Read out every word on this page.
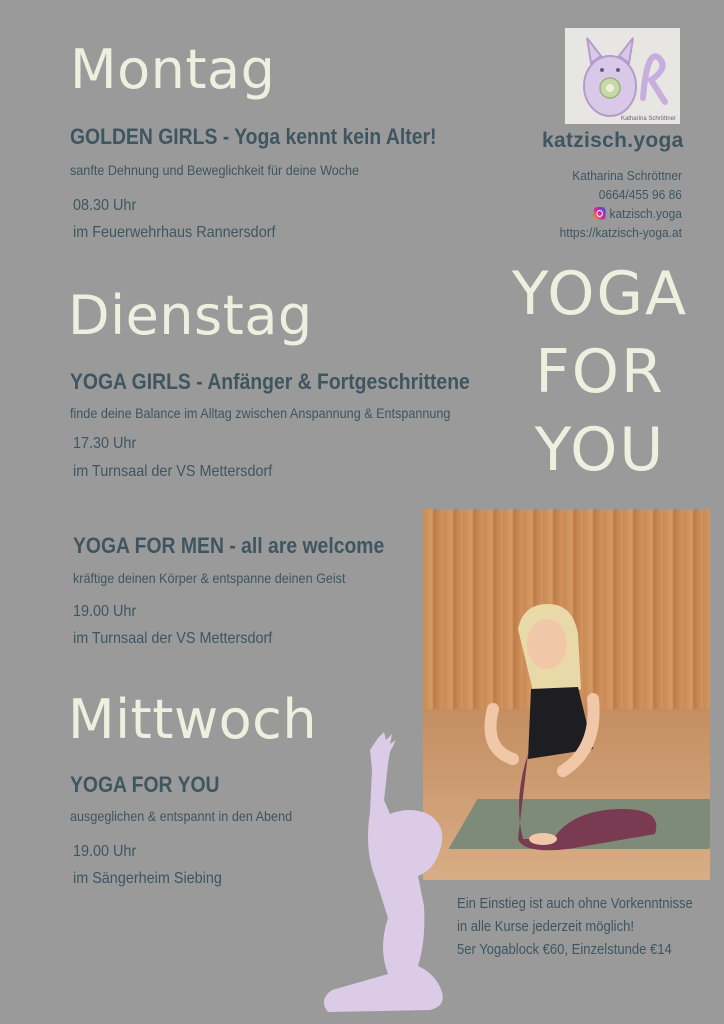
Montag
GOLDEN GIRLS - Yoga kennt kein Alter!
sanfte Dehnung und Beweglichkeit für deine Woche
08.30 Uhr
im Feuerwehrhaus Rannersdorf
Katharina Schröttner
katzisch.yoga
Katharina Schröttner
0664/455 96 86
katzisch.yoga
https://katzisch-yoga.at
YOGA
FOR
YOU
Dienstag
YOGA GIRLS - Anfänger & Fortgeschrittene
finde deine Balance im Alltag zwischen Anspannung & Entspannung
17.30 Uhr
im Turnsaal der VS Mettersdorf
YOGA FOR MEN - all are welcome
kräftige deinen Körper & entspanne deinen Geist
19.00 Uhr
im Turnsaal der VS Mettersdorf
Mittwoch
YOGA FOR YOU
ausgeglichen & entspannt in den Abend
19.00 Uhr
im Sängerheim Siebing
Ein Einstieg ist auch ohne Vorkenntnisse
in alle Kurse jederzeit möglich!
5er Yogablock €60, Einzelstunde €14
